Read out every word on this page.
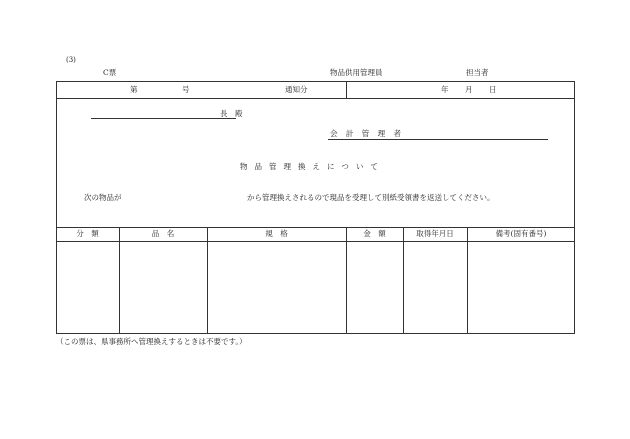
(3)
C票	物品供用管理員	担当者
第	号	通知分	年 月 日
長　殿
会 計 管 理 者
物品管理換えについて
次の物品が	から管理換えされるので現品を受理して別紙受領書を返送してください。
分　類	品　名	規　格	金　額	取得年月日	備考(固有番号)
（この票は、県事務所へ管理換えするときは不要です。）
